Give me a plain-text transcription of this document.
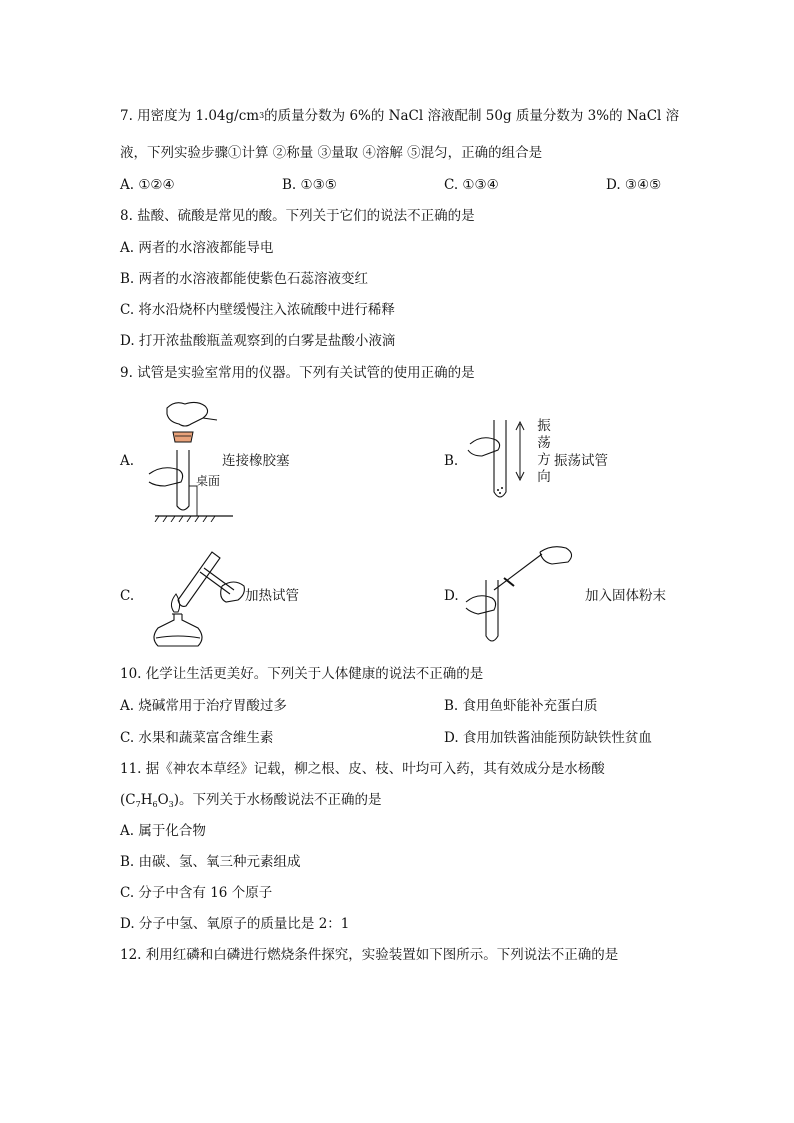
7. 用密度为 $1.04g/cm^3$的质量分数为 6%的 NaCl 溶液配制 50g 质量分数为 3%的 NaCl 溶
液，下列实验步骤①计算 ②称量 ③量取 ④溶解 ⑤混匀，正确的组合是
A. ①②④	B. ①③⑤	C. ①③④	D. ③④⑤
8. 盐酸、硫酸是常见的酸。下列关于它们的说法不正确的是
A. 两者的水溶液都能导电
B. 两者的水溶液都能使紫色石蕊溶液变红
C. 将水沿烧杯内壁缓慢注入浓硫酸中进行稀释
D. 打开浓盐酸瓶盖观察到的白雾是盐酸小液滴
9. 试管是实验室常用的仪器。下列有关试管的使用正确的是
A.
桌面
连接橡胶塞	B.
振
荡
方
向
振荡试管
C.	加热试管	D.	加入固体粉末
10. 化学让生活更美好。下列关于人体健康的说法不正确的是
A. 烧碱常用于治疗胃酸过多	B. 食用鱼虾能补充蛋白质
C. 水果和蔬菜富含维生素	D. 食用加铁酱油能预防缺铁性贫血
11. 据《神农本草经》记载，柳之根、皮、枝、叶均可入药，其有效成分是水杨酸
$(C_7H_6O_3)$。下列关于水杨酸说法不正确的是
A. 属于化合物
B. 由碳、氢、氧三种元素组成
C. 分子中含有 16 个原子
D. 分子中氢、氧原子的质量比是 2：1
12. 利用红磷和白磷进行燃烧条件探究，实验装置如下图所示。下列说法不正确的是
